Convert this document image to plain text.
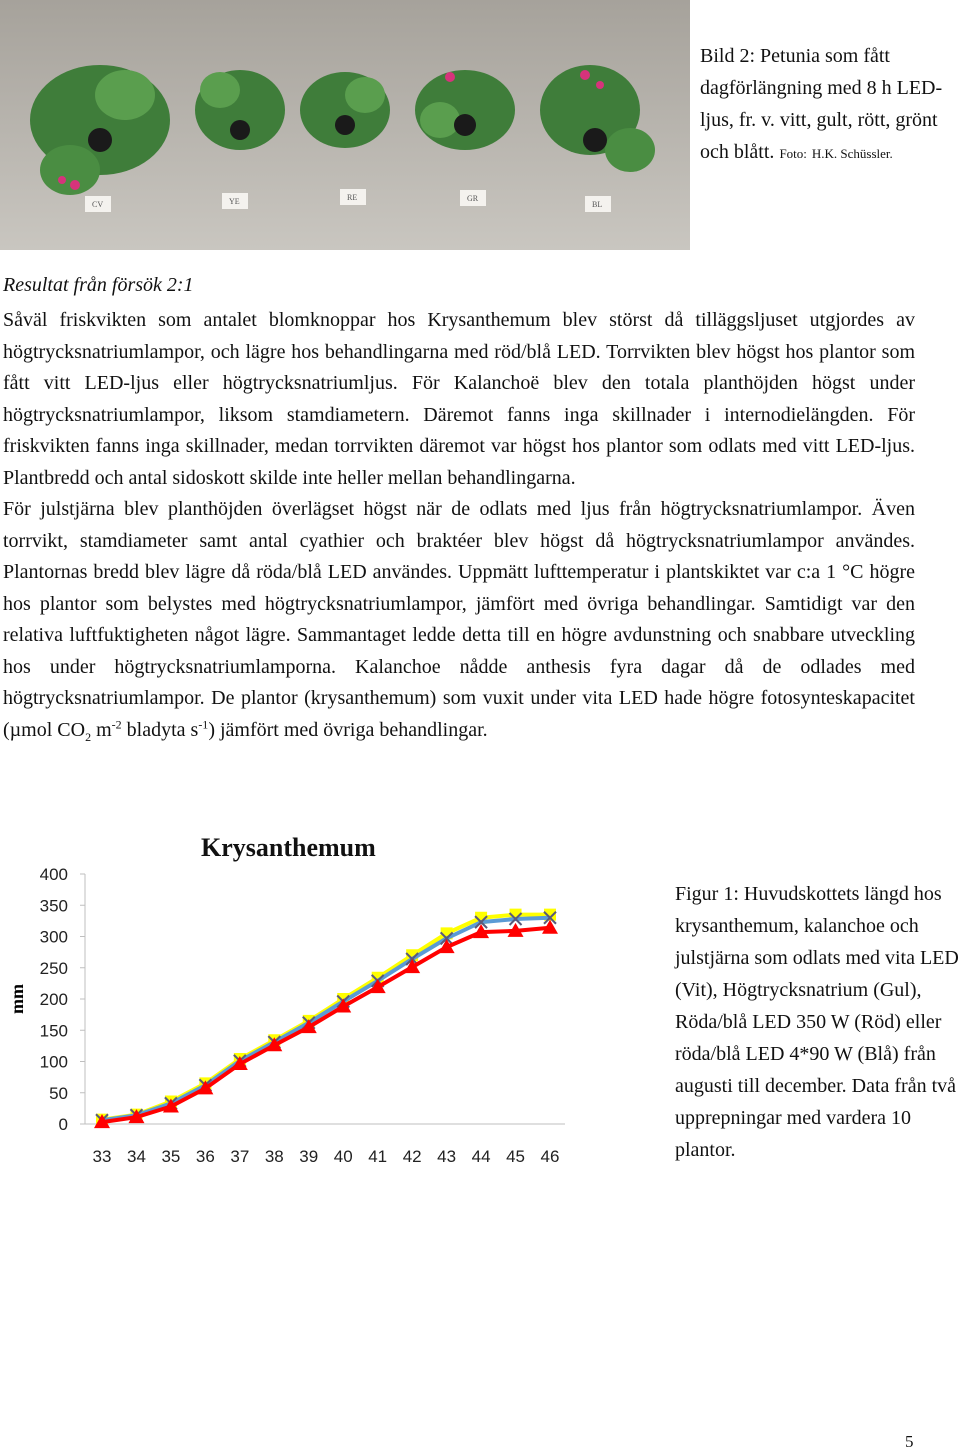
CV	YE	RE	GR
BL
Bild 2: Petunia som fått dagförlängning med 8 h LED-ljus, fr. v. vitt, gult, rött, grönt och blått. Foto: H.K. Schüssler.
Resultat från försök 2:1

Såväl friskvikten som antalet blomknoppar hos Krysanthemum blev störst då tilläggsljuset utgjordes av högtrycksnatriumlampor, och lägre hos behandlingarna med röd/blå LED. Torrvikten blev högst hos plantor som fått vitt LED-ljus eller högtrycksnatriumljus. För Kalanchoë blev den totala planthöjden högst under högtrycksnatriumlampor, liksom stamdiametern. Däremot fanns inga skillnader i internodielängden. För friskvikten fanns inga skillnader, medan torrvikten däremot var högst hos plantor som odlats med vitt LED-ljus. Plantbredd och antal sidoskott skilde inte heller mellan behandlingarna.

För julstjärna blev planthöjden överlägset högst när de odlats med ljus från högtrycksnatriumlampor. Även torrvikt, stamdiameter samt antal cyathier och braktéer blev högst då högtrycksnatriumlampor användes. Plantornas bredd blev lägre då röda/blå LED användes. Uppmätt lufttemperatur i plantskiktet var c:a 1 °C högre hos plantor som belystes med högtrycksnatriumlampor, jämfört med övriga behandlingar. Samtidigt var den relativa luftfuktigheten något lägre. Sammantaget ledde detta till en högre avdunstning och snabbare utveckling hos under högtrycksnatriumlamporna. Kalanchoe nådde anthesis fyra dagar då de odlades med högtrycksnatriumlampor. De plantor (krysanthemum) som vuxit under vita LED hade högre fotosynteskapacitet (µmol $CO_2$ $m^{-2}$ bladyta $s^{-1}$) jämfört med övriga behandlingar.

Krysanthemum
0
50
100
150
200
250
300
350
400
mm
33 34 35 36 37 38 39 40 41 42 43 44 45 46
Figur 1: Huvudskottets längd hos krysanthemum, kalanchoe och julstjärna som odlats med vita LED (Vit), Högtrycksnatrium (Gul), Röda/blå LED 350 W (Röd) eller röda/blå LED 4*90 W (Blå) från augusti till december. Data från två upprepningar med vardera 10 plantor.
5
